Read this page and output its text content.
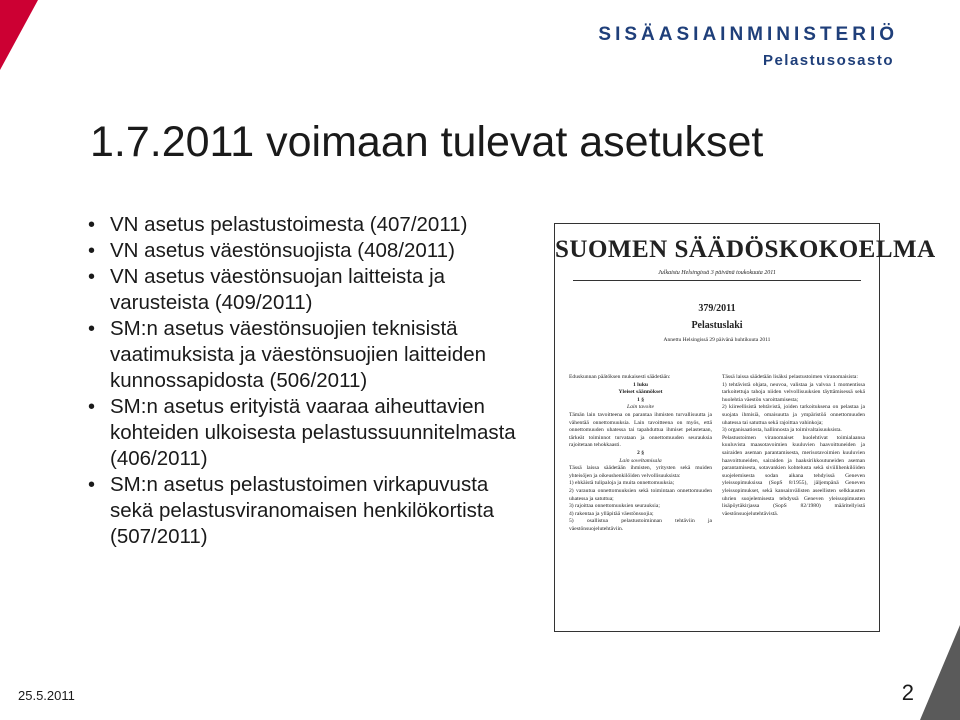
SISÄASIAINMINISTERIÖ
Pelastusosasto
1.7.2011 voimaan tulevat asetukset
• VN asetus pelastustoimesta (407/2011)
• VN asetus väestönsuojista (408/2011)
• VN asetus väestönsuojan laitteista ja varusteista (409/2011)
• SM:n asetus väestönsuojien teknisistä vaatimuksista ja väestönsuojien laitteiden kunnossapidosta (506/2011)
• SM:n asetus erityistä vaaraa aiheuttavien kohteiden ulkoisesta pelastussuunnitelmasta (406/2011)
• SM:n asetus pelastustoimen virkapuvusta sekä pelastusviranomaisen henkilökortista (507/2011)
SUOMEN SÄÄDÖSKOKOELMA
Julkaistu Helsingissä 3 päivänä toukokuuta 2011
379/2011
Pelastuslaki
Annettu Helsingissä 29 päivänä huhtikuuta 2011
Eduskunnan päätöksen mukaisesti säädetään:
1 luku
Yleiset säännökset
1 §
Lain tavoite
Tämän lain tavoitteena on parantaa ihmisten turvallisuutta ja vähentää onnettomuuksia. Lain tavoitteena on myös, että onnettomuuden uhatessa tai tapahduttua ihmiset pelastetaan, tärkeät toiminnot turvataan ja onnettomuuden seurauksia rajoitetaan tehokkaasti.
2 §
Lain soveltamisala
Tässä laissa säädetään ihmisten, yritysten sekä muiden yhteisöjen ja oikeushenkilöiden velvollisuuksista:
1) ehkäistä tulipaloja ja muita onnettomuuksia;
2) varautua onnettomuuksien sekä toimintaan onnettomuuden uhatessa ja satuttua;
3) rajoittaa onnettomuuksien seurauksia;
4) rakentaa ja ylläpitää väestönsuojia;
5) osallistua pelastustoiminnan tehtäviin ja väestönsuojelutehtäviin.
Tässä laissa säädetään lisäksi pelastustoimen viranomaisista:
1) tehtävistä ohjata, neuvoa, valistaa ja valvoa 1 momentissa tarkoitettuja tahoja niiden velvollisuuksien täyttämisessä sekä huolehtia väestön varoittamisesta;
2) kiireellisistä tehtävistä, joiden tarkoituksena on pelastaa ja suojata ihmisiä, omaisuutta ja ympäristöä onnettomuuden uhatessa tai satuttua sekä rajoittaa vahinkoja;
3) organisaatiosta, hallinnosta ja toimivaltaisuuksista.
Pelastustoimen viranomaiset huolehtivat toimialaansa kuuluvista maasotavoimien kuuluvien haavoittuneiden ja sairaiden aseman parantamisesta, merisotavoimien kuuluvien haavoittuneiden, sairaiden ja haaksirikkoutuneiden aseman parantamisesta, sotavankien kohtelusta sekä siviilihenkilöiden suojelemisesta sodan aikana tehdyissä Geneven yleissopimuksissa (SopS 8/1955), jäljempänä Geneven yleissopimukset, sekä kansainvälisten aseellisten selkkausten uhrien suojelemisesta tehdyssä Geneven yleissopimusten lisäpöytäkirjassa (SopS 82/1980) määritellyistä väestönsuojelutehtävistä.
25.5.2011	2
